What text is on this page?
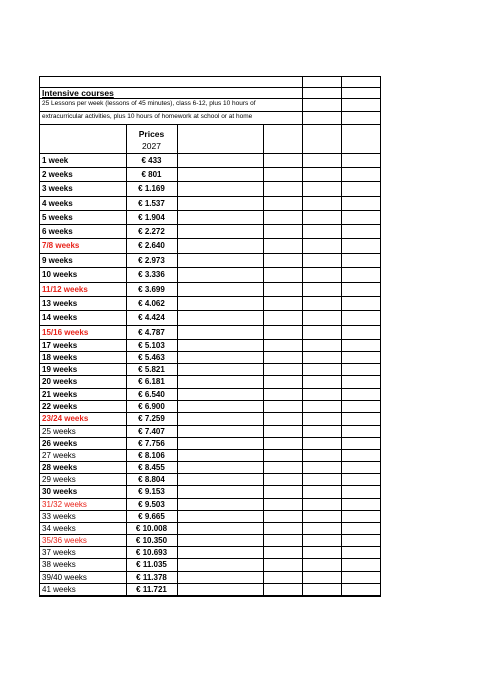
Intensive courses
25 Lessons per week (lessons of 45 minutes), class 6-12, plus 10 hours of
extracurricular activities, plus 10 hours of homework at school or at home
Prices
2027
1 week	€ 433
2 weeks	€ 801
3 weeks	€ 1.169
4 weeks	€ 1.537
5 weeks	€ 1.904
6 weeks	€ 2.272
7/8 weeks	€ 2.640
9 weeks	€ 2.973
10 weeks	€ 3.336
11/12 weeks	€ 3.699
13 weeks	€ 4.062
14 weeks	€ 4.424
15/16 weeks	€ 4.787
17 weeks	€ 5.103
18 weeks	€ 5.463
19 weeks	€ 5.821
20 weeks	€ 6.181
21 weeks	€ 6.540
22 weeks	€ 6.900
23/24 weeks	€ 7.259
25 weeks	€ 7.407
26 weeks	€ 7.756
27 weeks	€ 8.106
28 weeks	€ 8.455
29 weeks	€ 8.804
30 weeks	€ 9.153
31/32 weeks	€ 9.503
33 weeks	€ 9.665
34 weeks	€ 10.008
35/36 weeks	€ 10.350
37 weeks	€ 10.693
38 weeks	€ 11.035
39/40 weeks	€ 11.378
41 weeks	€ 11.721
